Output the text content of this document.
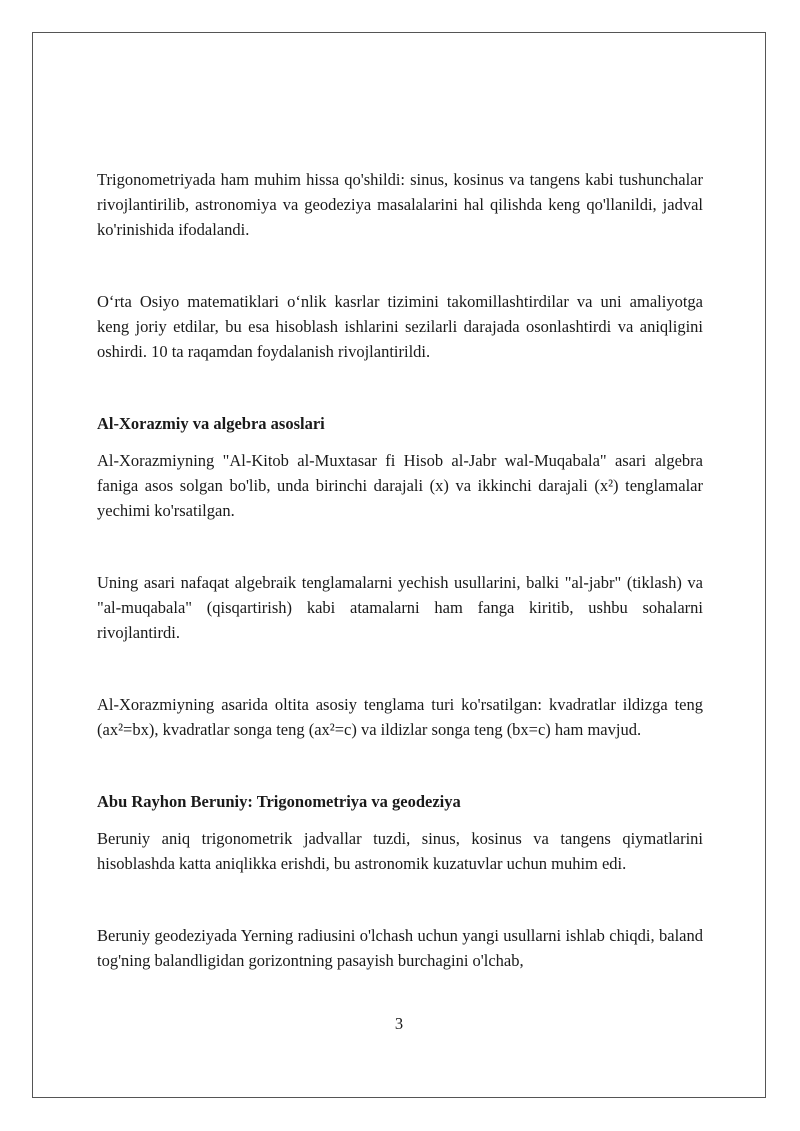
Trigonometriyada ham muhim hissa qo'shildi: sinus, kosinus va tangens kabi tushunchalar rivojlantirilib, astronomiya va geodeziya masalalarini hal qilishda keng qo'llanildi, jadval ko'rinishida ifodalandi.

O‘rta Osiyo matematiklari o‘nlik kasrlar tizimini takomillashtirdilar va uni amaliyotga keng joriy etdilar, bu esa hisoblash ishlarini sezilarli darajada osonlashtirdi va aniqligini oshirdi. 10 ta raqamdan foydalanish rivojlantirildi.

Al-Xorazmiy va algebra asoslari

Al-Xorazmiyning "Al-Kitob al-Muxtasar fi Hisob al-Jabr wal-Muqabala" asari algebra faniga asos solgan bo'lib, unda birinchi darajali (x) va ikkinchi darajali (x²) tenglamalar yechimi ko'rsatilgan.

Uning asari nafaqat algebraik tenglamalarni yechish usullarini, balki "al-jabr" (tiklash) va "al-muqabala" (qisqartirish) kabi atamalarni ham fanga kiritib, ushbu sohalarni rivojlantirdi.

Al-Xorazmiyning asarida oltita asosiy tenglama turi ko'rsatilgan: kvadratlar ildizga teng (ax²=bx), kvadratlar songa teng (ax²=c) va ildizlar songa teng (bx=c) ham mavjud.

Abu Rayhon Beruniy: Trigonometriya va geodeziya

Beruniy aniq trigonometrik jadvallar tuzdi, sinus, kosinus va tangens qiymatlarini hisoblashda katta aniqlikka erishdi, bu astronomik kuzatuvlar uchun muhim edi.

Beruniy geodeziyada Yerning radiusini o'lchash uchun yangi usullarni ishlab chiqdi, baland tog'ning balandligidan gorizontning pasayish burchagini o'lchab,

3
